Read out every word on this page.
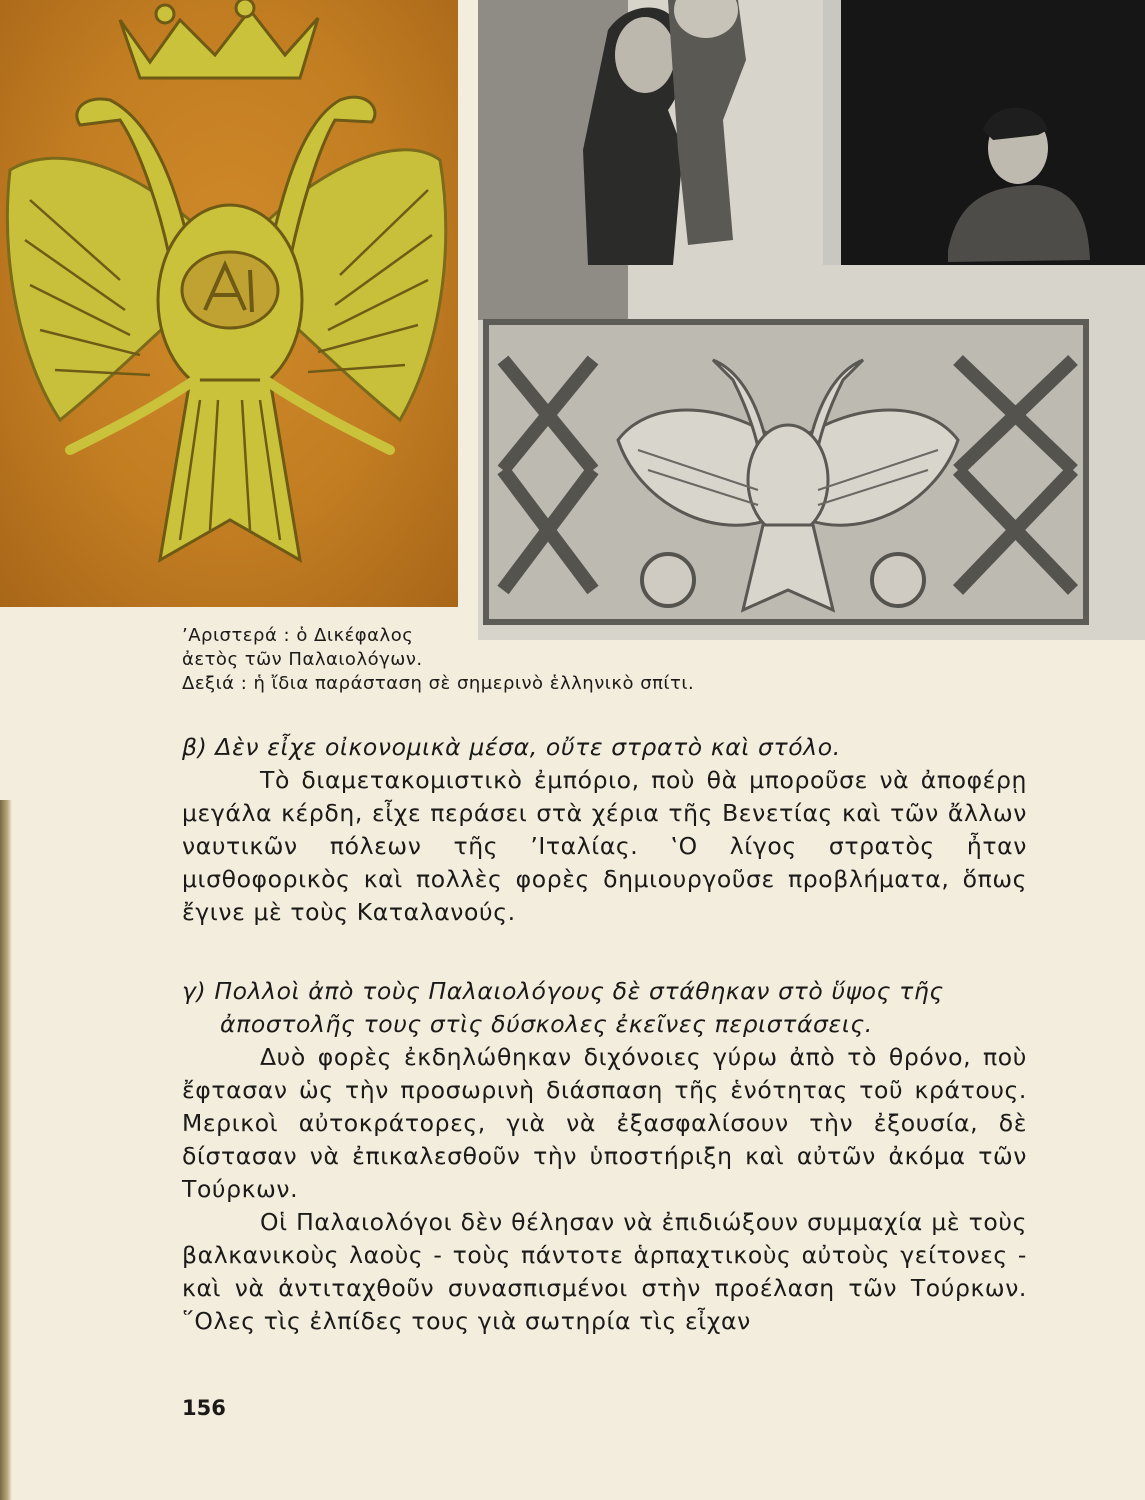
’Αριστερά : ὁ Δικέφαλος
ἀετὸς τῶν Παλαιολόγων.
Δεξιά : ἡ ἴδια παράσταση σὲ σημερινὸ ἑλληνικὸ σπίτι.
β) Δὲν εἶχε οἰκονομικὰ μέσα, οὔτε στρατὸ καὶ στόλο.

Τὸ διαμετακομιστικὸ ἐμπόριο, ποὺ θὰ μποροῦσε νὰ ἀποφέρῃ μεγάλα κέρδη, εἶχε περάσει στὰ χέρια τῆς Βενετίας καὶ τῶν ἄλλων ναυτικῶν πόλεων τῆς ’Ιταλίας. ‛Ο λίγος στρατὸς ἦταν μισθοφορικὸς καὶ πολλὲς φορὲς δημιουργοῦσε προβλήματα, ὅπως ἔγινε μὲ τοὺς Καταλανούς.

γ) Πολλοὶ ἀπὸ τοὺς Παλαιολόγους δὲ στάθηκαν στὸ ὕψος τῆς
ἀποστολῆς τους στὶς δύσκολες ἐκεῖνες περιστάσεις.

Δυὸ φορὲς ἐκδηλώθηκαν διχόνοιες γύρω ἀπὸ τὸ θρόνο, ποὺ ἔφτασαν ὡς τὴν προσωρινὴ διάσπαση τῆς ἑνότητας τοῦ κράτους. Μερικοὶ αὐτοκράτορες, γιὰ νὰ ἐξασφαλίσουν τὴν ἐξουσία, δὲ δίστασαν νὰ ἐπικαλεσθοῦν τὴν ὑποστήριξη καὶ αὐτῶν ἀκόμα τῶν Τούρκων.

Οἱ Παλαιολόγοι δὲν θέλησαν νὰ ἐπιδιώξουν συμμαχία μὲ τοὺς βαλκανικοὺς λαοὺς - τοὺς πάντοτε ἁρπαχτικοὺς αὐτοὺς γείτονες - καὶ νὰ ἀντιταχθοῦν συνασπισμένοι στὴν προέλαση τῶν Τούρκων. ῞Ολες τὶς ἐλπίδες τους γιὰ σωτηρία τὶς εἶχαν

156
